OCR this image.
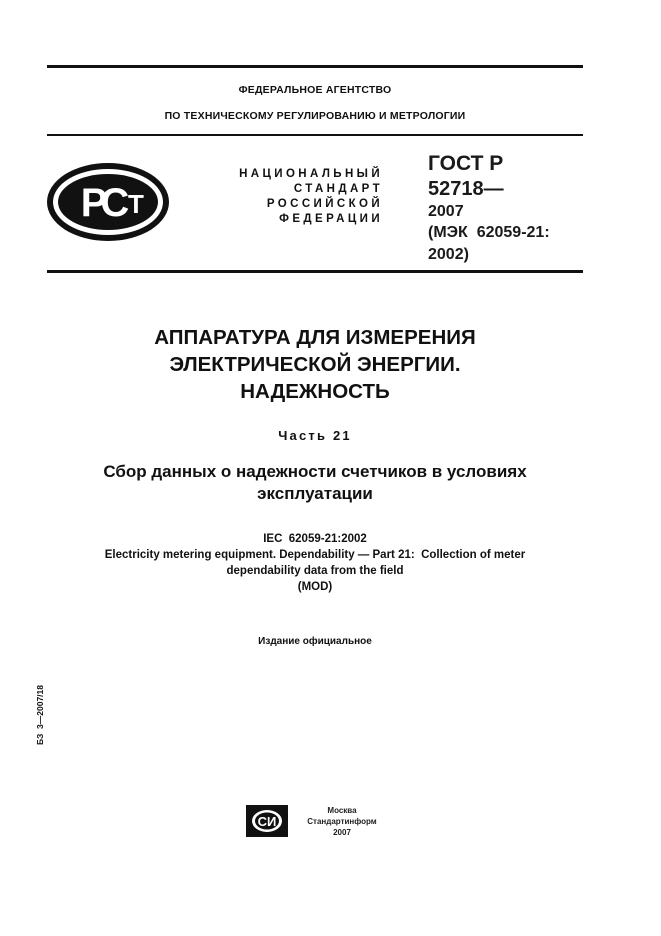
ФЕДЕРАЛЬНОЕ АГЕНТСТВО
ПО ТЕХНИЧЕСКОМУ РЕГУЛИРОВАНИЮ И МЕТРОЛОГИИ
РС Т
НАЦИОНАЛЬНЫЙ
СТАНДАРТ
РОССИЙСКОЙ
ФЕДЕРАЦИИ
ГОСТ Р
52718—
2007
(МЭК  62059-21:
2002)
АППАРАТУРА ДЛЯ ИЗМЕРЕНИЯ
ЭЛЕКТРИЧЕСКОЙ ЭНЕРГИИ.
НАДЕЖНОСТЬ
Часть 21
Сбор данных о надежности счетчиков в условиях
эксплуатации
IEC  62059-21:2002
Electricity metering equipment. Dependability — Part 21:  Collection of meter
dependability data from the field
(MOD)
Издание официальное
БЗ  3—2007/18
СИ
Москва
Стандартинформ
2007
